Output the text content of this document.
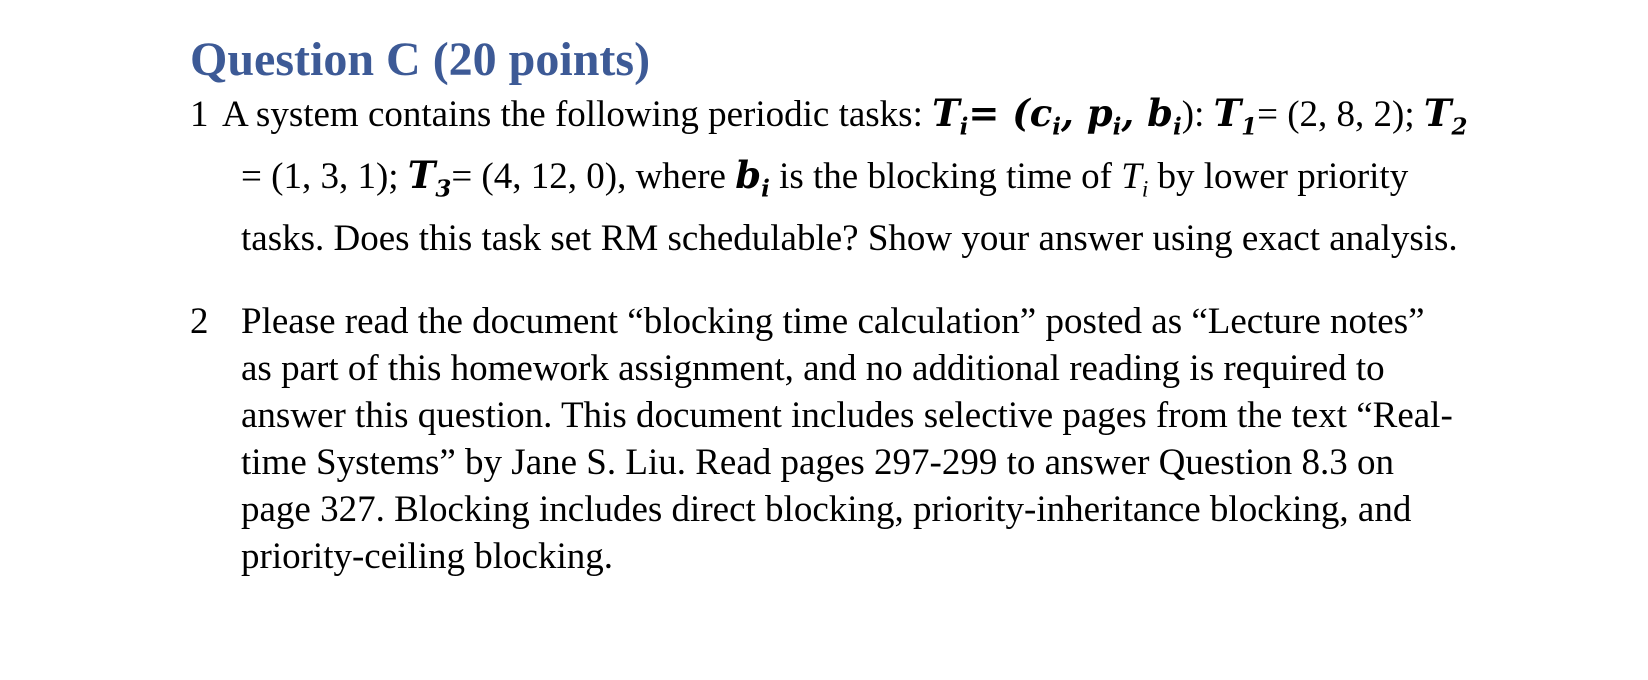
Question C (20 points)
1 A system contains the following periodic tasks: $T_i= (c_i$, $p_i$, $b_i$): $T_1= (2$, 8, 2); $T_2$
= (1, 3, 1); $T_3= (4$, 12, 0), where $b_i$ is the blocking time of $T_i$ by lower priority
tasks. Does this task set RM schedulable? Show your answer using exact analysis.
2 Please read the document “blocking time calculation” posted as “Lecture notes”
as part of this homework assignment, and no additional reading is required to
answer this question. This document includes selective pages from the text “Real-
time Systems” by Jane S. Liu. Read pages 297-299 to answer Question 8.3 on
page 327. Blocking includes direct blocking, priority-inheritance blocking, and
priority-ceiling blocking.
